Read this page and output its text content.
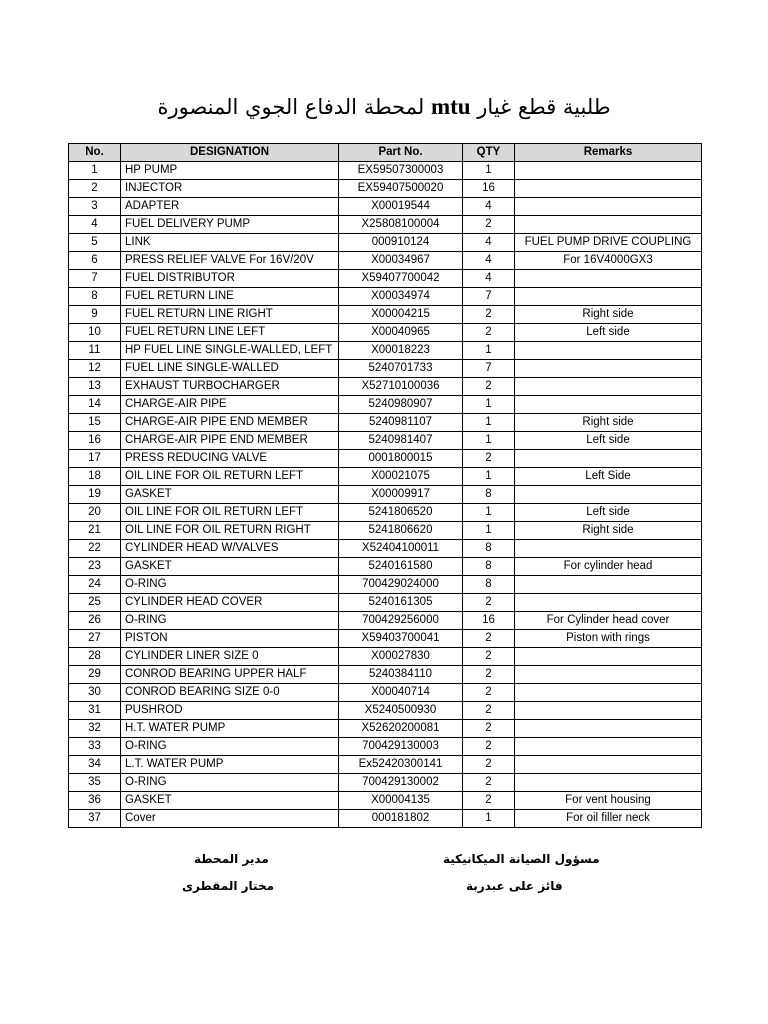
طلبية قطع غيار mtu لمحطة الدفاع الجوي المنصورة
No.	DESIGNATION	Part No.	QTY	Remarks
1	HP PUMP	EX59507300003	1	
2	INJECTOR	EX59407500020	16	
3	ADAPTER	X00019544	4	
4	FUEL DELIVERY PUMP	X25808100004	2	
5	LINK	000910124	4	FUEL PUMP DRIVE COUPLING
6	PRESS RELIEF VALVE For 16V/20V	X00034967	4	For 16V4000GX3
7	FUEL DISTRIBUTOR	X59407700042	4	
8	FUEL RETURN LINE	X00034974	7	
9	FUEL RETURN LINE RIGHT	X00004215	2	Right side
10	FUEL RETURN LINE LEFT	X00040965	2	Left side
11	HP FUEL LINE SINGLE-WALLED, LEFT	X00018223	1	
12	FUEL LINE SINGLE-WALLED	5240701733	7	
13	EXHAUST TURBOCHARGER	X52710100036	2	
14	CHARGE-AIR PIPE	5240980907	1	
15	CHARGE-AIR PIPE END MEMBER	5240981107	1	Right side
16	CHARGE-AIR PIPE END MEMBER	5240981407	1	Left side
17	PRESS REDUCING VALVE	0001800015	2	
18	OIL LINE FOR OIL RETURN LEFT	X00021075	1	Left Side
19	GASKET	X00009917	8	
20	OIL LINE FOR OIL RETURN LEFT	5241806520	1	Left side
21	OIL LINE FOR OIL RETURN RIGHT	5241806620	1	Right side
22	CYLINDER HEAD W/VALVES	X52404100011	8	
23	GASKET	5240161580	8	For cylinder head
24	O-RING	700429024000	8	
25	CYLINDER HEAD COVER	5240161305	2	
26	O-RING	700429256000	16	For Cylinder head cover
27	PISTON	X59403700041	2	Piston with rings
28	CYLINDER LINER SIZE 0	X00027830	2	
29	CONROD BEARING UPPER HALF	5240384110	2	
30	CONROD BEARING SIZE 0-0	X00040714	2	
31	PUSHROD	X5240500930	2	
32	H.T. WATER PUMP	X52620200081	2	
33	O-RING	700429130003	2	
34	L.T. WATER PUMP	Ex52420300141	2	
35	O-RING	700429130002	2	
36	GASKET	X00004135	2	For vent housing
37	Cover	000181802	1	For oil filler neck
مدير المحطة
مختار المقطرى
مسؤول الصيانة الميكانيكية
فائز على عبدربة
